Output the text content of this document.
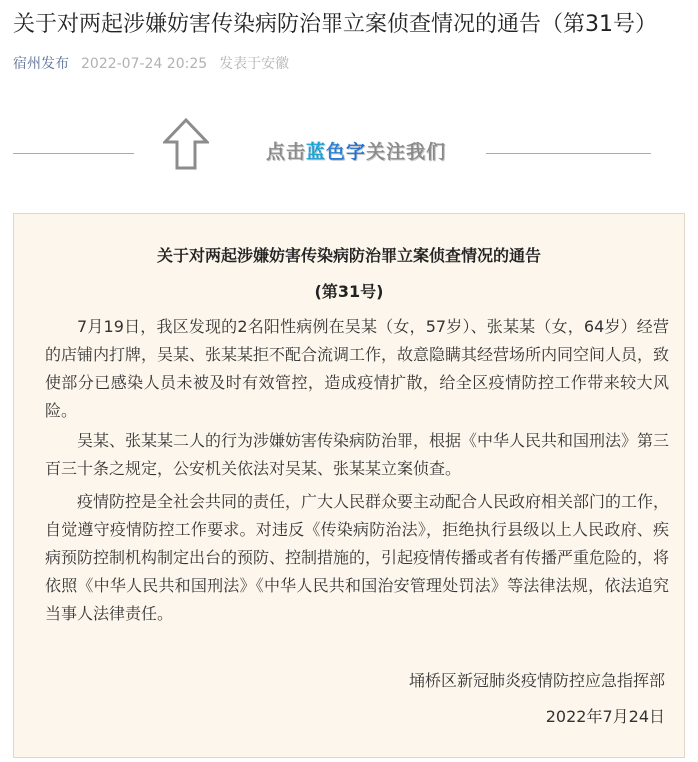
关于对两起涉嫌妨害传染病防治罪立案侦查情况的通告（第31号）
宿州发布 2022-07-24 20:25 发表于安徽
点击蓝色字关注我们
关于对两起涉嫌妨害传染病防治罪立案侦查情况的通告
(第31号)

7月19日，我区发现的2名阳性病例在吴某（女，57岁）、张某某（女，64岁）经营的店铺内打牌，吴某、张某某拒不配合流调工作，故意隐瞒其经营场所内同空间人员，致使部分已感染人员未被及时有效管控，造成疫情扩散，给全区疫情防控工作带来较大风险。

吴某、张某某二人的行为涉嫌妨害传染病防治罪，根据《中华人民共和国刑法》第三百三十条之规定，公安机关依法对吴某、张某某立案侦查。

疫情防控是全社会共同的责任，广大人民群众要主动配合人民政府相关部门的工作，自觉遵守疫情防控工作要求。对违反《传染病防治法》，拒绝执行县级以上人民政府、疾病预防控制机构制定出台的预防、控制措施的，引起疫情传播或者有传播严重危险的，将依照《中华人民共和国刑法》《中华人民共和国治安管理处罚法》等法律法规，依法追究当事人法律责任。

埇桥区新冠肺炎疫情防控应急指挥部
2022年7月24日
